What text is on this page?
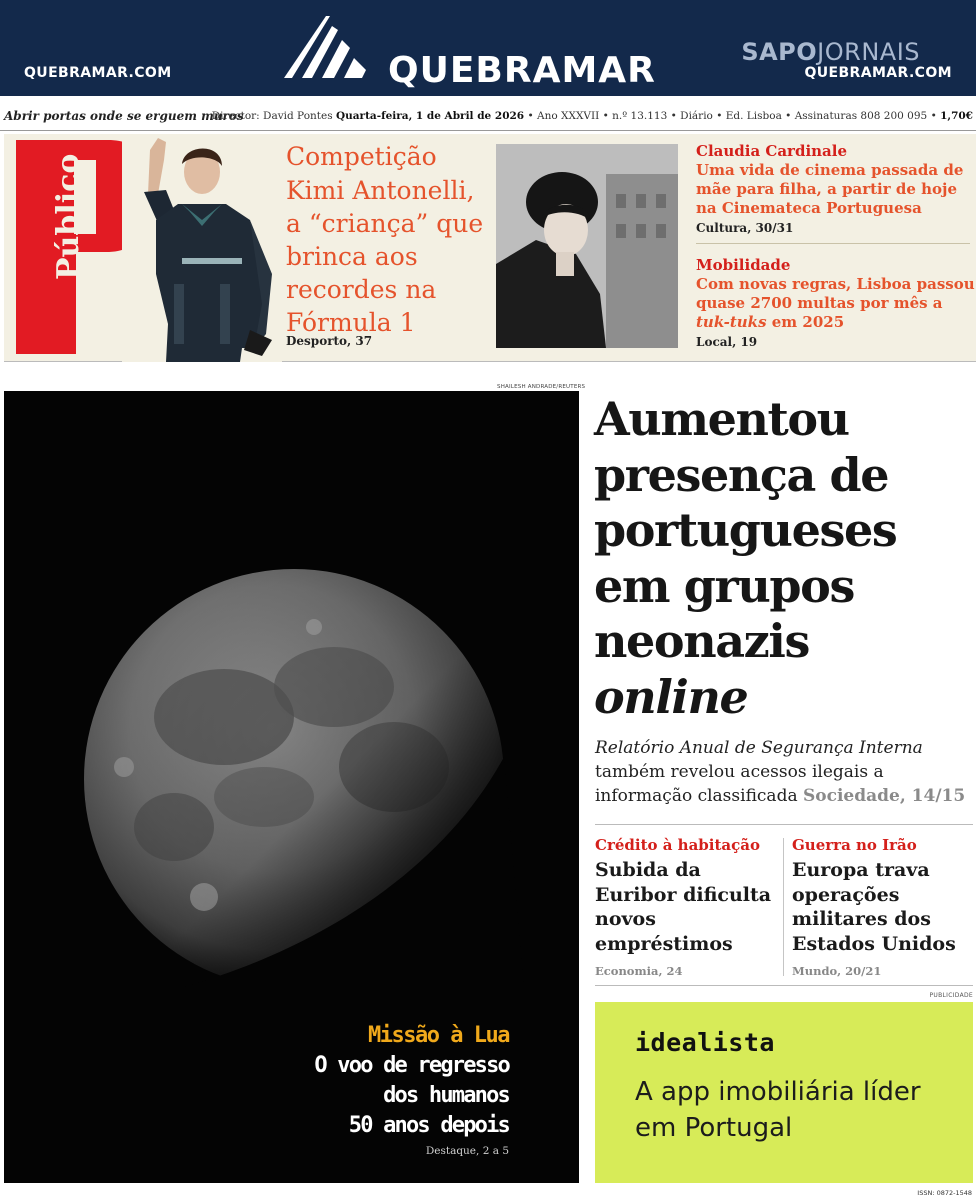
QUEBRAMAR.COM	QUEBRAMAR	SAPOJORNAIS
QUEBRAMAR.COM
Abrir portas onde se erguem muros
Director: David Pontes Quarta-feira, 1 de Abril de 2026 • Ano XXXVII • n.º 13.113 • Diário • Ed. Lisboa • Assinaturas 808 200 095 • 1,70€
Público	Competição
Kimi Antonelli, a “criança” que brinca aos recordes na Fórmula 1
Desporto, 37
Claudia Cardinale
Uma vida de cinema passada de mãe para filha, a partir de hoje na Cinemateca Portuguesa
Cultura, 30/31
Mobilidade
Com novas regras, Lisboa passou quase 2700 multas por mês a tuk-tuks em 2025
Local, 19
SHAILESH ANDRADE/REUTERS
Missão à Lua
O voo de regresso
dos humanos
50 anos depois
Destaque, 2 a 5
Aumentou
presença de
portugueses
em grupos
neonazis
online
Relatório Anual de Segurança Interna também revelou acessos ilegais a informação classificada Sociedade, 14/15
Crédito à habitação
Subida da Euribor dificulta novos empréstimos
Economia, 24
Guerra no Irão
Europa trava operações militares dos Estados Unidos
Mundo, 20/21
PUBLICIDADE
idealista
A app imobiliária líder em Portugal
ISSN: 0872-1548
